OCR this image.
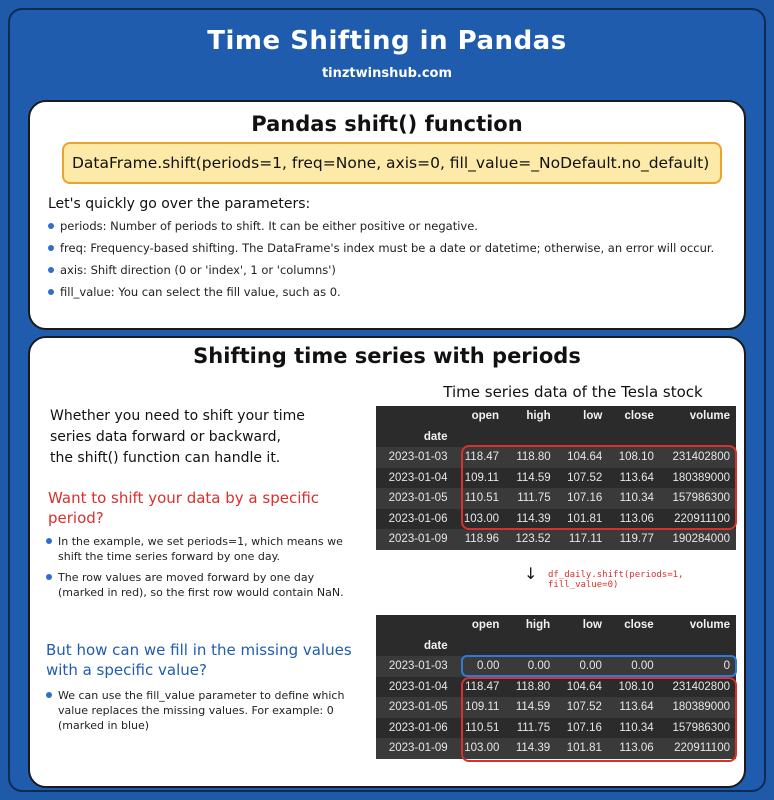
Time Shifting in Pandas
tinztwinshub.com
Pandas shift() function
DataFrame.shift(periods=1, freq=None, axis=0, fill_value=_NoDefault.no_default)
Let's quickly go over the parameters:
periods: Number of periods to shift. It can be either positive or negative.
freq: Frequency-based shifting. The DataFrame's index must be a date or datetime; otherwise, an error will occur.
axis: Shift direction (0 or 'index', 1 or 'columns')
fill_value: You can select the fill value, such as 0.
Shifting time series with periods
Whether you need to shift your time
series data forward or backward,
the shift() function can handle it.
Want to shift your data by a specific
period?
In the example, we set periods=1, which means we shift the time series forward by one day.
The row values are moved forward by one day (marked in red), so the first row would contain NaN.
But how can we fill in the missing values
with a specific value?
We can use the fill_value parameter to define which value replaces the missing values. For example: 0 (marked in blue)
Time series data of the Tesla stock
	open	high	low	close	volume
date					
2023-01-03	118.47	118.80	104.64	108.10	231402800
2023-01-04	109.11	114.59	107.52	113.64	180389000
2023-01-05	110.51	111.75	107.16	110.34	157986300
2023-01-06	103.00	114.39	101.81	113.06	220911100
2023-01-09	118.96	123.52	117.11	119.77	190284000
↓ df_daily.shift(periods=1, fill_value=0)
	open	high	low	close	volume
date					
2023-01-03	0.00	0.00	0.00	0.00	0
2023-01-04	118.47	118.80	104.64	108.10	231402800
2023-01-05	109.11	114.59	107.52	113.64	180389000
2023-01-06	110.51	111.75	107.16	110.34	157986300
2023-01-09	103.00	114.39	101.81	113.06	220911100
